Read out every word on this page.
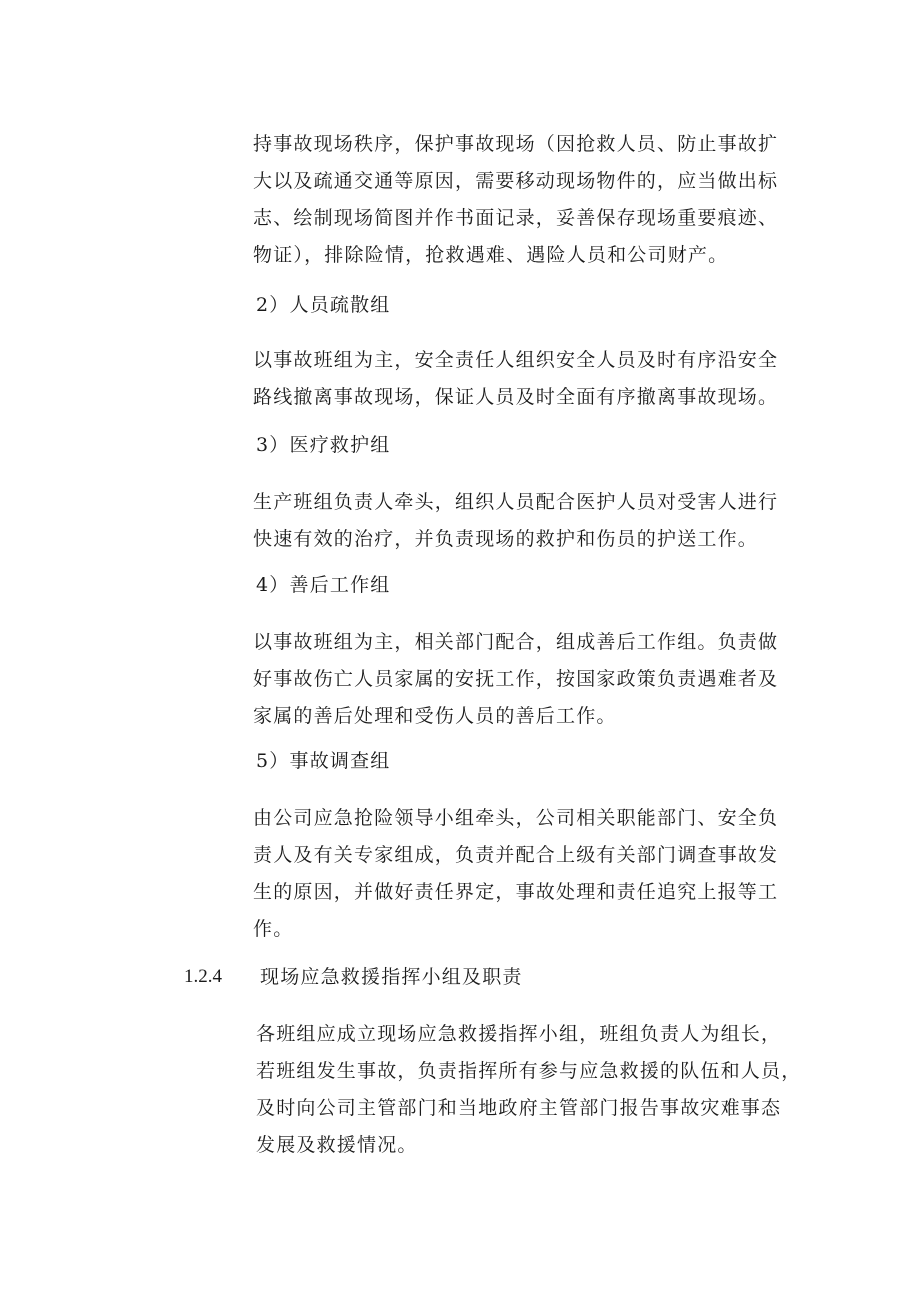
持事故现场秩序，保护事故现场（因抢救人员、防止事故扩
大以及疏通交通等原因，需要移动现场物件的，应当做出标
志、绘制现场简图并作书面记录，妥善保存现场重要痕迹、
物证），排除险情，抢救遇难、遇险人员和公司财产。
2）人员疏散组
以事故班组为主，安全责任人组织安全人员及时有序沿安全
路线撤离事故现场，保证人员及时全面有序撤离事故现场。
3）医疗救护组
生产班组负责人牵头，组织人员配合医护人员对受害人进行
快速有效的治疗，并负责现场的救护和伤员的护送工作。
4）善后工作组
以事故班组为主，相关部门配合，组成善后工作组。负责做
好事故伤亡人员家属的安抚工作，按国家政策负责遇难者及
家属的善后处理和受伤人员的善后工作。
5）事故调查组
由公司应急抢险领导小组牵头，公司相关职能部门、安全负
责人及有关专家组成，负责并配合上级有关部门调查事故发
生的原因，并做好责任界定，事故处理和责任追究上报等工
作。
1.2.4 现场应急救援指挥小组及职责
各班组应成立现场应急救援指挥小组，班组负责人为组长，
若班组发生事故，负责指挥所有参与应急救援的队伍和人员，
及时向公司主管部门和当地政府主管部门报告事故灾难事态
发展及救援情况。
